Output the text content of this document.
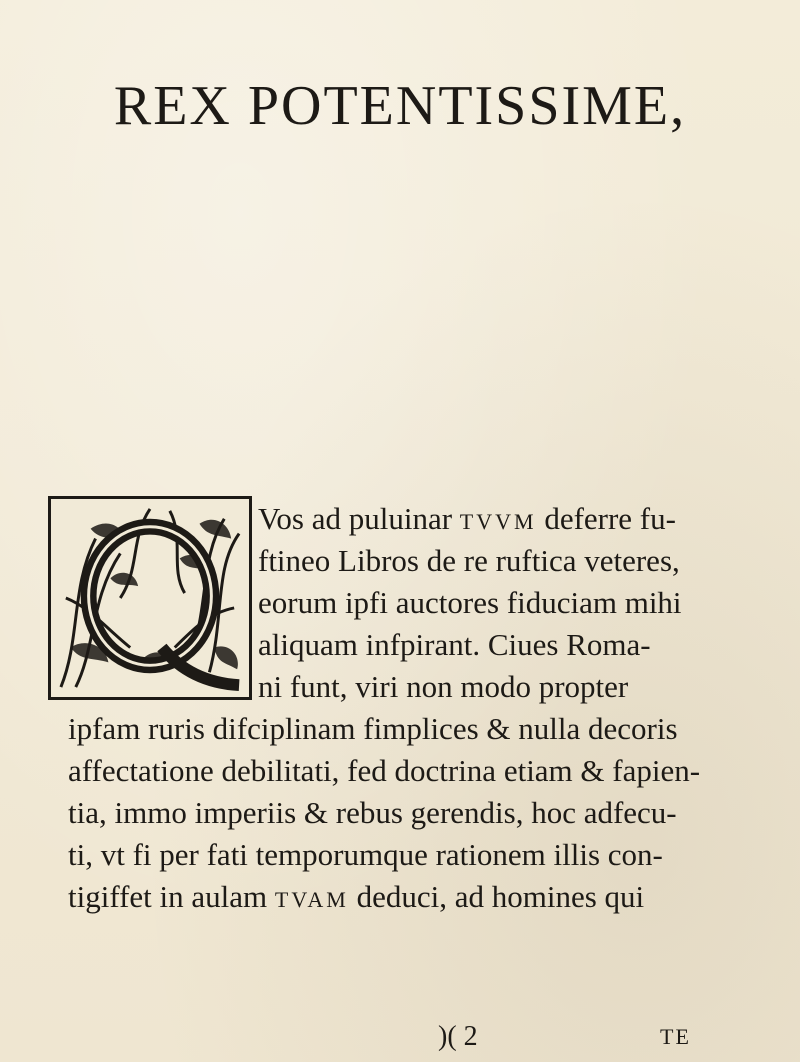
REX POTENTISSIME,
Vos ad puluinar TVVM deferre fu-
ftineo Libros de re ruftica veteres,
eorum ipfi auctores fiduciam mihi
aliquam infpirant. Ciues Roma-
ni funt, viri non modo propter
ipfam ruris difciplinam fimplices & nulla decoris
affectatione debilitati, fed doctrina etiam & fapien-
tia, immo imperiis & rebus gerendis, hoc adfecu-
ti, vt fi per fati temporumque rationem illis con-
tigiffet in aulam TVAM deduci, ad homines qui
)( 2	TE
